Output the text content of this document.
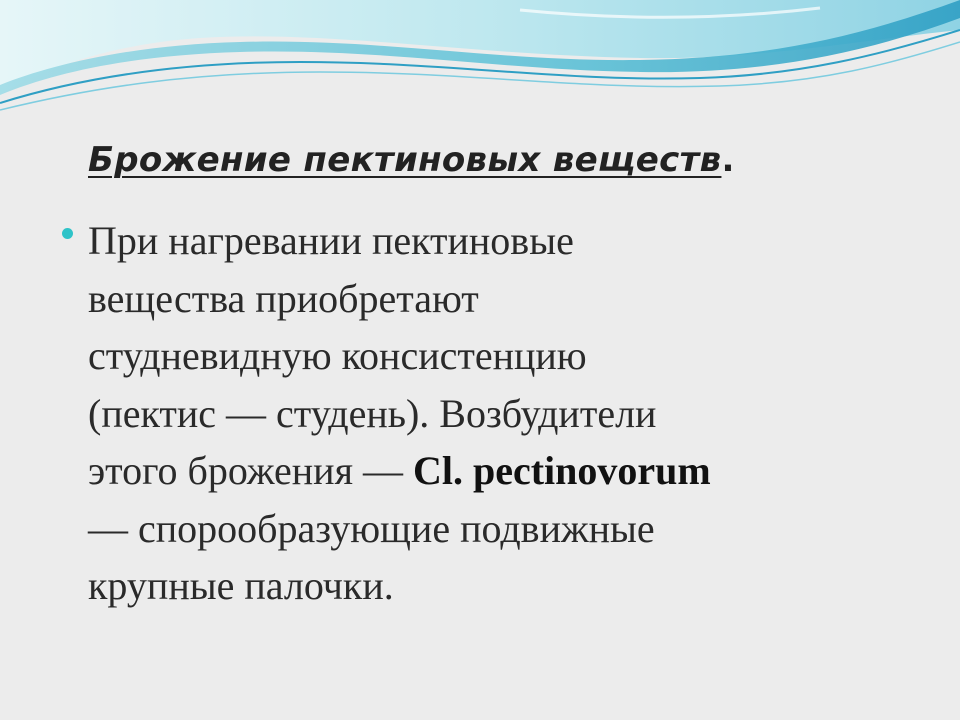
Брожение пектиновых веществ.
При нагревании пектиновые
вещества приобретают
студневидную консистенцию
(пектис — студень). Возбудители
этого брожения — Cl. pectinovorum
— спорообразующие подвижные
крупные палочки.
